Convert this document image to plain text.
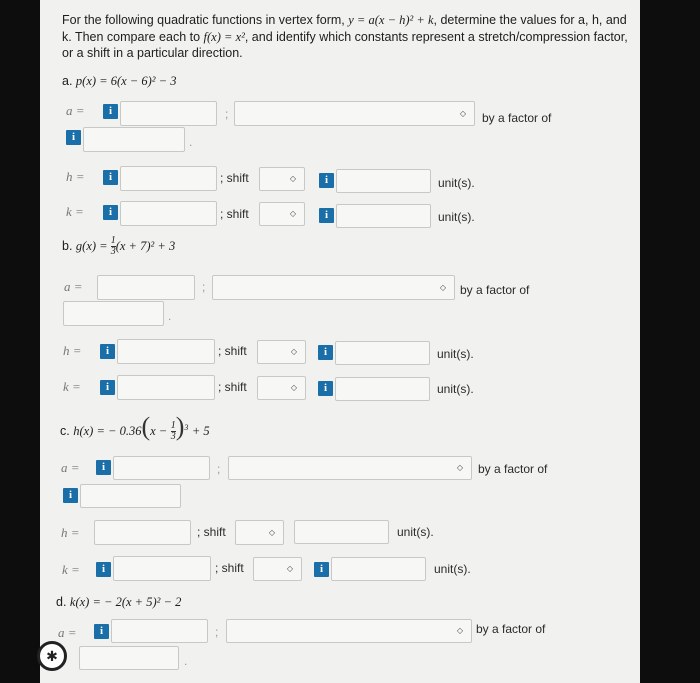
For the following quadratic functions in vertex form, y = a(x − h)² + k, determine the values for a, h, and
k. Then compare each to f(x) = x², and identify which constants represent a stretch/compression factor,
or a shift in a particular direction.
a. p(x) = 6(x − 6)² − 3
a =	i	;	◇ by a factor of
i	.
h =	i	; shift	◇	i	unit(s).
k =	i	; shift	◇	i	unit(s).
b. $g(x) = \frac{1}{3} (x + 7)^2 + 3$
a =	;	◇ by a factor of
.
h =	i	; shift	◇	i	unit(s).
k =	i	; shift	◇	i	unit(s).
c. h(x) = − $0.36(x - \frac{1}{3} )^3 + 5$
a =	i	;	◇ by a factor of
i
h =	; shift	◇	unit(s).
k =	i	; shift	◇	i	unit(s).
d. k(x) = − 2(x + 5)² − 2
a =	i	;	◇ by a factor of
.
✱
